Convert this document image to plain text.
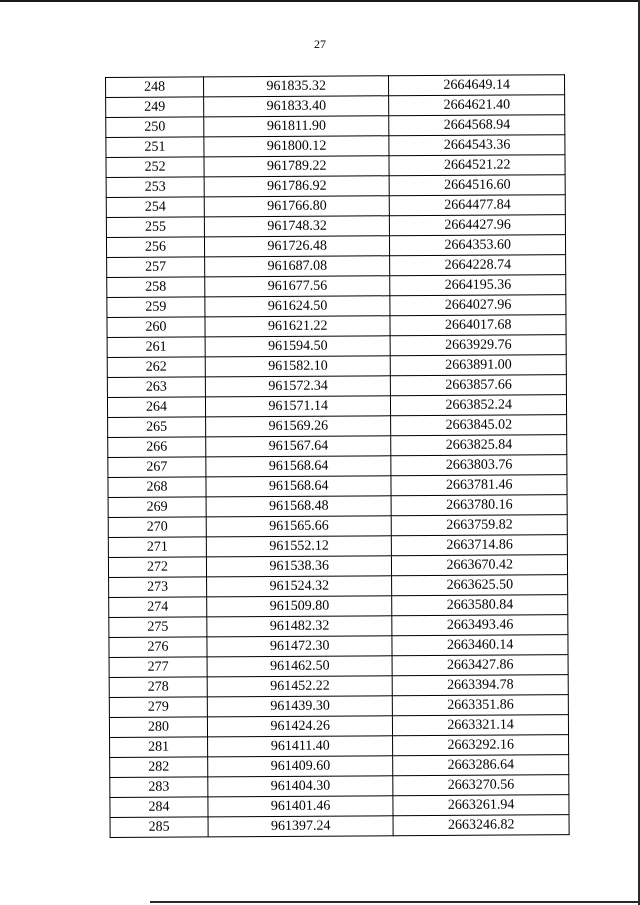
27
248	961835.32	2664649.14
249	961833.40	2664621.40
250	961811.90	2664568.94
251	961800.12	2664543.36
252	961789.22	2664521.22
253	961786.92	2664516.60
254	961766.80	2664477.84
255	961748.32	2664427.96
256	961726.48	2664353.60
257	961687.08	2664228.74
258	961677.56	2664195.36
259	961624.50	2664027.96
260	961621.22	2664017.68
261	961594.50	2663929.76
262	961582.10	2663891.00
263	961572.34	2663857.66
264	961571.14	2663852.24
265	961569.26	2663845.02
266	961567.64	2663825.84
267	961568.64	2663803.76
268	961568.64	2663781.46
269	961568.48	2663780.16
270	961565.66	2663759.82
271	961552.12	2663714.86
272	961538.36	2663670.42
273	961524.32	2663625.50
274	961509.80	2663580.84
275	961482.32	2663493.46
276	961472.30	2663460.14
277	961462.50	2663427.86
278	961452.22	2663394.78
279	961439.30	2663351.86
280	961424.26	2663321.14
281	961411.40	2663292.16
282	961409.60	2663286.64
283	961404.30	2663270.56
284	961401.46	2663261.94
285	961397.24	2663246.82
